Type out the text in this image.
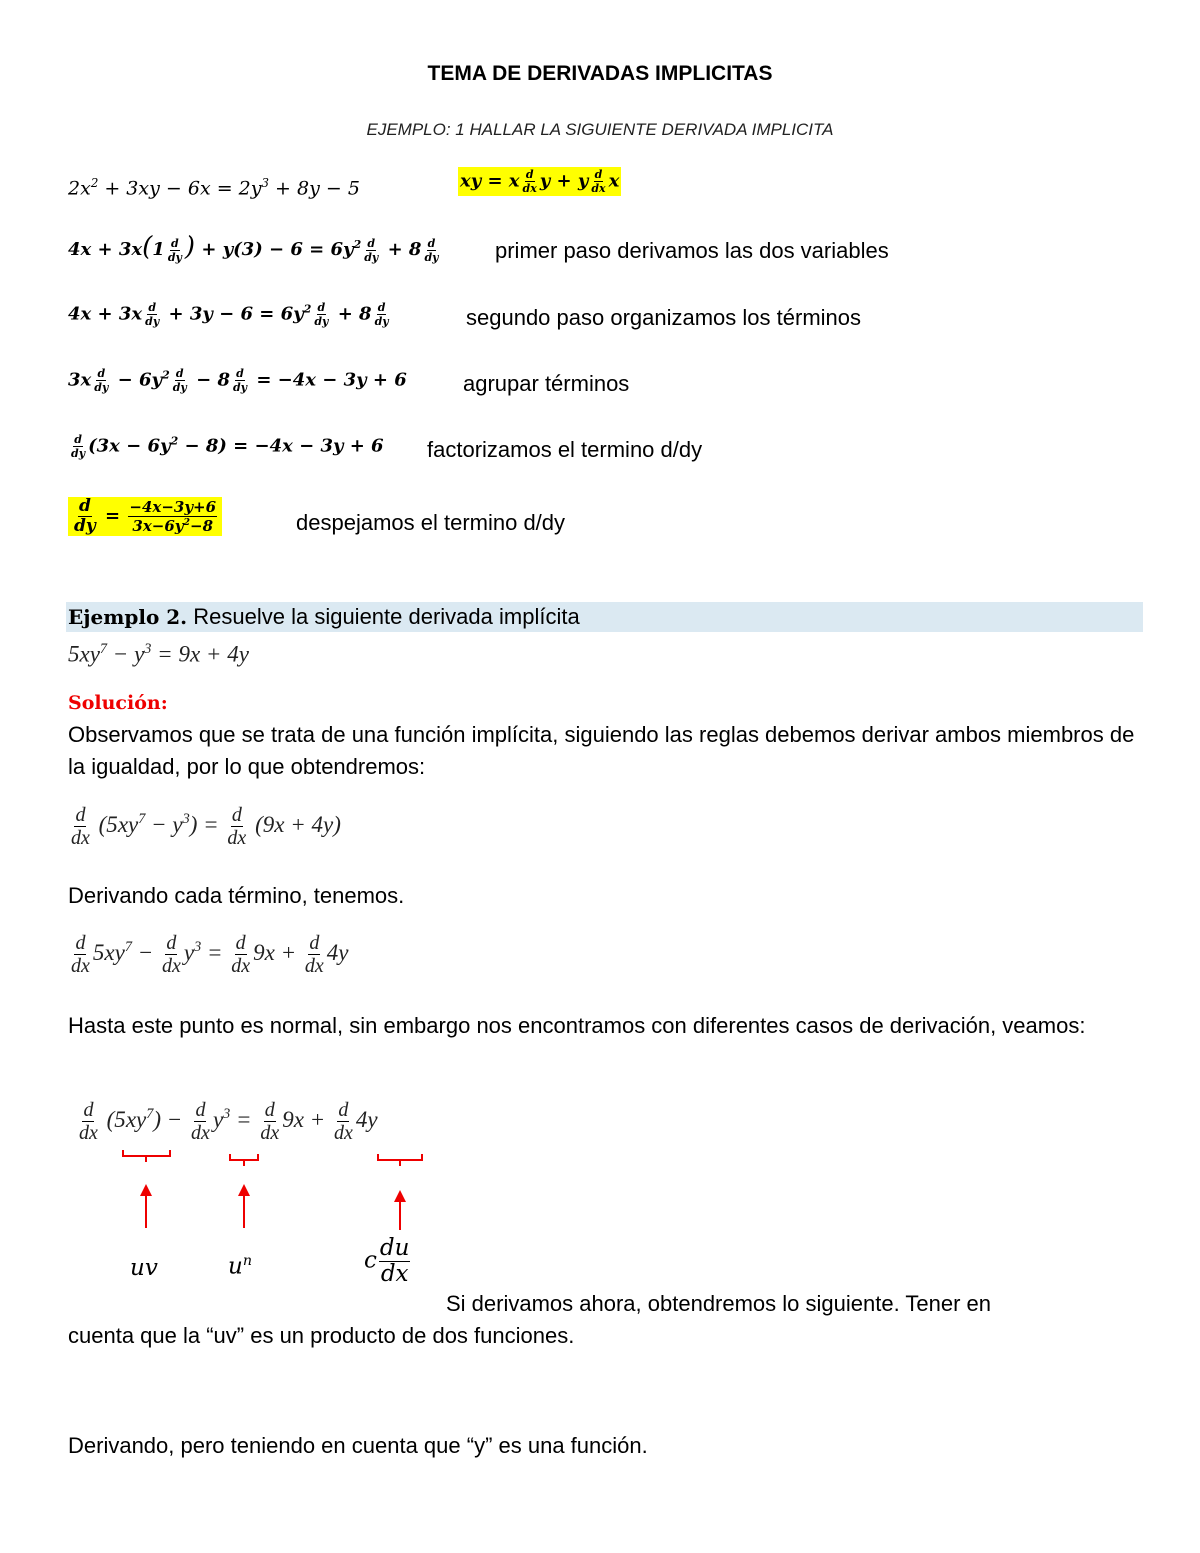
TEMA DE DERIVADAS IMPLICITAS
EJEMPLO: 1 HALLAR LA SIGUIENTE DERIVADA IMPLICITA
$2x^2 + 3xy - 6x = 2y^3 + 8y - 5$	xy = x $\frac{d}{dx}$ y + y $\frac{d}{dx}$ x
$4x + 3x(1 \frac{d}{dy}$ ) + $y(3) - 6 = 6y^2 \frac{d}{dy} + 8 \frac{d}{dy}$	primer paso derivamos las dos variables
$4x + 3x \frac{d}{dy} + 3y - 6 = 6y^2 \frac{d}{dy} + 8 \frac{d}{dy}$	segundo paso organizamos los términos
$3x \frac{d}{dy} - 6y^2 \frac{d}{dy} - 8 \frac{d}{dy} = -4x - 3y + 6$	agrupar términos
$\frac{d}{dy} (3x - 6y^2 - 8) = -4x - 3y + 6$ factorizamos el termino d/dy
$\frac{d}{dy} = \frac{-4x-3y+6}{3x-6y^2-8}$	despejamos el termino d/dy
Ejemplo 2. Resuelve la siguiente derivada implícita
$5xy^7 - y^3 = 9x + 4y$
Solución:
Observamos que se trata de una función implícita, siguiendo las reglas debemos derivar ambos miembros de la igualdad, por lo que obtendremos:
$\frac{d}{dx} (5xy^7 - y^3) = \frac{d}{dx} (9x + 4y)$
Derivando cada término, tenemos.
$\frac{d}{dx} 5xy^7 - \frac{d}{dx} y^3 = \frac{d}{dx} 9x + \frac{d}{dx} 4y$
Hasta este punto es normal, sin embargo nos encontramos con diferentes casos de derivación, veamos:
$\frac{d}{dx} (5xy^7) - \frac{d}{dx} y^3 = \frac{d}{dx} 9x + \frac{d}{dx} 4y$
uv	$u^n$	c $\frac{du}{dx}$
Si derivamos ahora, obtendremos lo siguiente. Tener en
cuenta que la “uv” es un producto de dos funciones.
Derivando, pero teniendo en cuenta que “y” es una función.
